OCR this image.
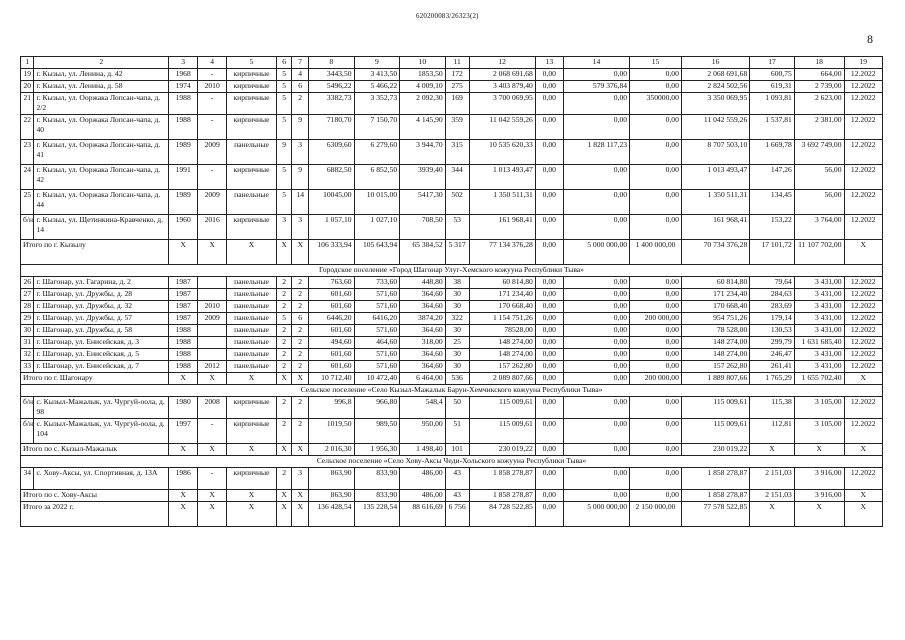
620200083/26323(2)
8
1	2	3	4	5	6	7	8	9	10	11	12	13	14	15	16	17	18	19
19	г. Кызыл, ул. Ленина, д. 42	1968	-	кирпичные	5	4	3443,50	3 413,50	1853,50	172	2 068 691,68	0,00	0,00	0,00	2 068 691,68	600,75	664,00	12.2022
20	г. Кызыл, ул. Ленина, д. 58	1974	2010	кирпичные	5	6	5496,22	5 466,22	4 009,10	275	3 403 879,40	0,00	579 376,84	0,00	2 824 502,56	619,31	2 739,00	12.2022
21	г. Кызыл, ул. Ооржака Лопсан-чапа, д. 2/2	1988	-	кирпичные	5	2	3382,73	3 352,73	2 092,30	169	3 700 069,95	0,00	0,00	350000,00	3 350 069,95	1 093,81	2 623,00	12.2022
22	г. Кызыл, ул. Ооржака Лопсан-чапа, д. 40	1988	-	кирпичные	5	9	7180,70	7 150,70	4 145,90	359	11 042 559,26	0,00	0,00	0,00	11 042 559,26	1 537,81	2 381,00	12.2022
23	г. Кызыл, ул. Ооржака Лопсан-чапа, д. 41	1989	2009	панельные	9	3	6309,60	6 279,60	3 944,70	315	10 535 620,33	0,00	1 828 117,23	0,00	8 707 503,10	1 669,78	3 692 749,00	12.2022
24	г. Кызыл, ул. Ооржака Лопсан-чапа, д. 42	1991	-	кирпичные	5	9	6882,50	6 852,50	3939,40	344	1 013 493,47	0,00	0,00	0,00	1 013 493,47	147,26	56,00	12.2022
25	г. Кызыл, ул. Ооржака Лопсан-чапа, д. 44	1989	2009	панельные	5	14	10045,00	10 015,00	5417,30	502	1 350 511,31	0,00	0,00	0,00	1 350 511,31	134,45	56,00	12.2022
б/н	г. Кызыл, ул. Щетинкина-Кравченко, д. 14	1960	2016	кирпичные	3	3	1 057,10	1 027,10	708,50	53	161 968,41	0,00	0,00	0,00	161 968,41	153,22	3 764,00	12.2022
Итого по г. Кызылу		X	X	X	X	X	106 333,94	105 643,94	65 384,52	5 317	77 134 376,28	0,00	5 000 000,00	1 400 000,00	70 734 376,28	17 101,72	11 107 702,00	X
Городское поселение «Город Шагонар Улуг-Хемского кожууна Республики Тыва»																		
26	г. Шагонар, ул. Гагарина, д. 2	1987		панельные	2	2	763,60	733,60	448,80	38	60 814,80	0,00	0,00	0,00	60 814,80	79,64	3 431,00	12.2022
27	г. Шагонар, ул. Дружбы, д. 28	1987		панельные	2	2	601,60	571,60	364,60	30	171 234,40	0,00	0,00	0,00	171 234,40	284,63	3 431,00	12.2022
28	г. Шагонар, ул. Дружбы, д. 32	1987	2010	панельные	2	2	601,60	571,60	364,60	30	170 668,40	0,00	0,00	0,00	170 668,40	283,69	3 431,00	12.2022
29	г. Шагонар, ул. Дружбы, д. 57	1987	2009	панельные	5	6	6446,20	6416,20	3874,20	322	1 154 751,26	0,00	0,00	200 000,00	954 751,26	179,14	3 431,00	12.2022
30	г. Шагонар, ул. Дружбы, д. 58	1988		панельные	2	2	601,60	571,60	364,60	30	78528,00	0,00	0,00	0,00	78 528,00	130,53	3 431,00	12.2022
31	г. Шагонар, ул. Енисейская, д. 3	1988		панельные	2	2	494,60	464,60	318,00	25	148 274,00	0,00	0,00	0,00	148 274,00	299,79	1 631 685,40	12.2022
32	г. Шагонар, ул. Енисейская, д. 5	1988		панельные	2	2	601,60	571,60	364,60	30	148 274,00	0,00	0,00	0,00	148 274,00	246,47	3 431,00	12.2022
33	г. Шагонар, ул. Енисейская, д. 7	1988	2012	панельные	2	2	601,60	571,60	364,60	30	157 262,80	0,00	0,00	0,00	157 262,80	261,41	3 431,00	12.2022
Итого по г. Шагонару		X	X	X	X	X	10 712,40	10 472,40	6 464,00	536	2 089 807,66	0,00	0,00	200 000,00	1 889 807,66	1 765,29	1 655 702,40	X
Сельское поселение «Село Кызыл-Мажалык Барун-Хемчикского кожууна Республики Тыва»																		
б/н	с. Кызыл-Мажалык, ул. Чургуй-оола, д. 98	1980	2008	кирпичные	2	2	996,8	966,80	548,4	50	115 009,61	0,00	0,00	0,00	115 009,61	115,38	3 105,00	12.2022
б/н	с. Кызыл-Мажалык, ул. Чургуй-оола, д. 104	1997	-	кирпичные	2	2	1019,50	989,50	950,00	51	115 009,61	0,00	0,00	0,00	115 009,61	112,81	3 105,00	12.2022
Итого по с. Кызыл-Мажалык		X	X	X	X	X	2 016,30	1 956,30	1 498,40	101	230 019,22	0,00	0,00	0,00	230 019,22	X	X	X
Сельское поселение «Село Хову-Аксы Чеди-Хольского кожууна Республики Тыва»																		
34	с. Хову-Аксы, ул. Спортивная, д. 13А	1986	-	кирпичные	2	3	863,90	833,90	486,00	43	1 858 278,87	0,00	0,00	0,00	1 858 278,87	2 151,03	3 916,00	12.2022
Итого по с. Хову-Аксы		X	X	X	X	X	863,90	833,90	486,00	43	1 858 278,87	0,00	0,00	0,00	1 858 278,87	2 151,03	3 916,00	X
Итого за 2022 г.		X	X	X	X	X	136 428,54	135 228,54	88 616,69	6 756	84 728 522,85	0,00	5 000 000,00	2 150 000,00	77 578 522,85	X	X	X
